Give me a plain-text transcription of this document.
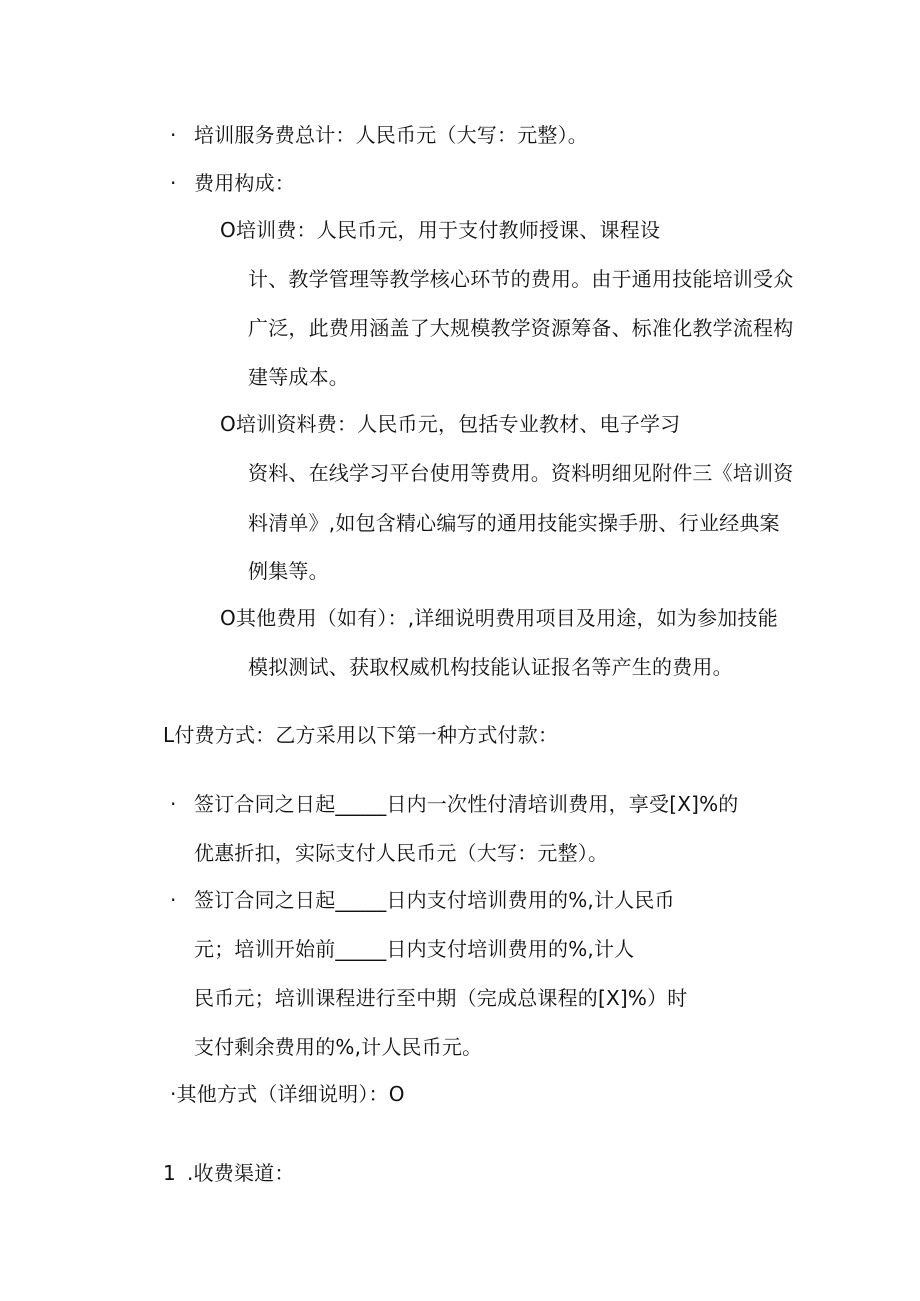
· 培训服务费总计：人民币元（大写：元整）。
· 费用构成：
O培训费：人民币元，用于支付教师授课、课程设
计、教学管理等教学核心环节的费用。由于通用技能培训受众
广泛，此费用涵盖了大规模教学资源筹备、标准化教学流程构
建等成本。
O培训资料费：人民币元，包括专业教材、电子学习
资料、在线学习平台使用等费用。资料明细见附件三《培训资
料清单》,如包含精心编写的通用技能实操手册、行业经典案
例集等。
O其他费用（如有）：,详细说明费用项目及用途，如为参加技能
模拟测试、获取权威机构技能认证报名等产生的费用。
L付费方式：乙方采用以下第一种方式付款：
· 签订合同之日起_____日内一次性付清培训费用，享受[X]%的
优惠折扣，实际支付人民币元（大写：元整）。
· 签订合同之日起_____日内支付培训费用的%,计人民币
元；培训开始前_____日内支付培训费用的%,计人
民币元；培训课程进行至中期（完成总课程的[X]%）时
支付剩余费用的%,计人民币元。
·其他方式（详细说明）：O
1 .收费渠道：
